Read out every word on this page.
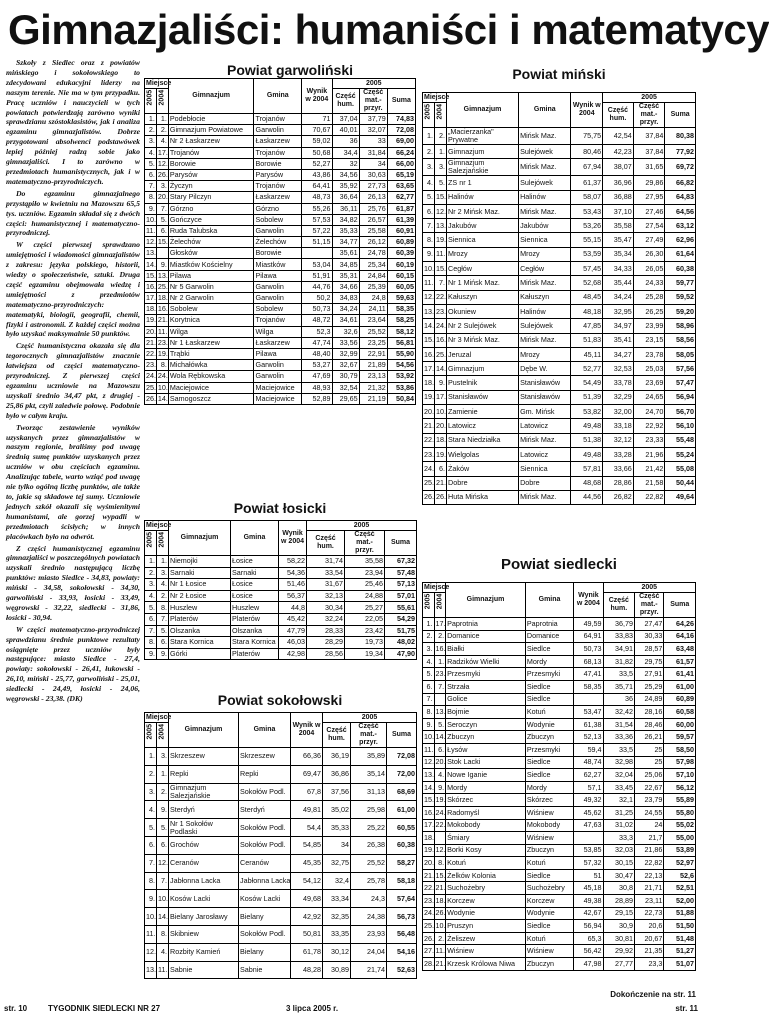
Gimnazjaliści: humaniści i matematycy

Szkoły z Siedlec oraz z powiatów mińskiego i sokołowskiego to zdecydowani edukacyjni liderzy na naszym terenie. Nie ma w tym przypadku. Pracę uczniów i nauczycieli w tych powiatach potwierdzają zarówno wyniki sprawdzianu szóstoklasistów, jak i analiza egzaminu gimnazjalistów. Dobrze przygotowani absolwenci podstawówek lepiej później radzą sobie jako gimnazjaliści. I to zarówno w przedmiotach humanistycznych, jak i w matematyczno-przyrodniczych.

Do egzaminu gimnazjalnego przystąpiło w kwietniu na Mazowszu 65,5 tys. uczniów. Egzamin składał się z dwóch części: humanistycznej i matematyczno-przyrodniczej.

W części pierwszej sprawdzano umiejętności i wiadomości gimnazjalistów z zakresu: języka polskiego, historii, wiedzy o społeczeństwie, sztuki. Druga część egzaminu obejmowała wiedzę i umiejętności z przedmiotów matematyczno-przyrodniczych: matematyki, biologii, geografii, chemii, fizyki i astronomii. Z każdej części można było uzyskać maksymalnie 50 punktów.

Część humanistyczna okazała się dla tegorocznych gimnazjalistów znacznie łatwiejsza od części matematyczno-przyrodniczej. Z pierwszej części egzaminu uczniowie na Mazowszu uzyskali średnio 34,47 pkt, z drugiej - 25,86 pkt, czyli zaledwie połowę. Podobnie było w całym kraju.

Tworząc zestawienie wyników uzyskanych przez gimnazjalistów w naszym regionie, braliśmy pod uwagę średnią sumę punktów uzyskanych przez uczniów w obu częściach egzaminu. Analizując tabele, warto wziąć pod uwagę nie tylko ogólną liczbę punktów, ale także to, jakie są składowe tej sumy. Uczniowie jednych szkół okazali się wyśmienitymi humanistami, ale gorzej wypadli w przedmiotach ścisłych; w innych placówkach było na odwrót.

Z części humanistycznej egzaminu gimnazjaliści w poszczególnych powiatach uzyskali średnio następującą liczbę punktów: miasto Siedlce - 34,83, powiaty: miński - 34,58, sokołowski - 34,30, garwoliński - 33,93, łosicki - 33,49, węgrowski - 32,22, siedlecki - 31,86, łosicki - 30,94.

W części matematyczno-przyrodniczej sprawdzianu średnie punktowe rezultaty osiągnięte przez uczniów były następujące: miasto Siedlce - 27,4, powiaty: sokołowski - 26,41, łukowski - 26,10, miński - 25,77, garwoliński - 25,01, siedlecki - 24,49, łosicki - 24,06, węgrowski - 23,38. (DK)

Powiat garwoliński
Miejsce		Gimnazjum	Gmina	Wynik w 2004	2005		

2005	2004				Część hum.	Część mat.- przyr.	Suma

1.	1.	Podebłocie	Trojanów	71	37,04	37,79	74,83
2.	2.	Gimnazjum Powiatowe	Garwolin	70,67	40,01	32,07	72,08
3.	4.	Nr 2 Łaskarzew	Łaskarzew	59,02	36	33	69,00
4.	17.	Trojanów	Trojanów	50,68	34,4	31,84	66,24
5.	12.	Borowie	Borowie	52,27	32	34	66,00
6.	26.	Parysów	Parysów	43,86	34,56	30,63	65,19
7.	3.	Życzyn	Trojanów	64,41	35,92	27,73	63,65
8.	20.	Stary Pilczyn	Łaskarzew	48,73	36,64	26,13	62,77
9.	7.	Górzno	Górzno	55,26	36,11	25,76	61,87
10.	5.	Gończyce	Sobolew	57,53	34,82	26,57	61,39
11.	6.	Ruda Talubska	Garwolin	57,22	35,33	25,58	60,91
12.	15.	Żelechów	Żelechów	51,15	34,77	26,12	60,89
13.		Głosków	Borowie		35,61	24,78	60,39
14.	9.	Miastków Kościelny	Miastków	53,04	34,85	25,34	60,19
15.	13.	Pilawa	Pilawa	51,91	35,31	24,84	60,15
16.	25.	Nr 5 Garwolin	Garwolin	44,76	34,66	25,39	60,05
17.	18.	Nr 2 Garwolin	Garwolin	50,2	34,83	24,8	59,63
18.	16.	Sobolew	Sobolew	50,73	34,24	24,11	58,35
19.	21.	Korytnica	Trojanów	48,72	34,61	23,64	58,25
20.	11.	Wilga	Wilga	52,3	32,6	25,52	58,12
21.	23.	Nr 1 Łaskarzew	Łaskarzew	47,74	33,56	23,25	56,81
22.	19.	Trąbki	Pilawa	48,40	32,99	22,91	55,90
23.	8.	Michałówka	Garwolin	53,27	32,67	21,89	54,56
24.	24.	Wola Rębkowska	Garwolin	47,69	30,79	23,13	53,92
25.	10.	Maciejowice	Maciejowice	48,93	32,54	21,32	53,86
26.	14.	Samogoszcz	Maciejowice	52,89	29,65	21,19	50,84
Powiat miński
Miejsce		Gimnazjum	Gmina	Wynik w 2004	2005		

2005	2004				Część hum.	Część mat.- przyr.	Suma

1.	2.	„Macierzanka" Prywatne	Mińsk Maz.	75,75	42,54	37,84	80,38
2.	1.	Gimnazjum	Sulejówek	80,46	42,23	37,84	77,92
3.	3.	Gimnazjum Salezjańskie	Mińsk Maz.	67,94	38,07	31,65	69,72
4.	5.	ZS nr 1	Sulejówek	61,37	36,96	29,86	66,82
5.	15.	Halinów	Halinów	58,07	36,88	27,95	64,83
6.	12.	Nr 2 Mińsk Maz.	Mińsk Maz.	53,43	37,10	27,46	64,56
7.	13.	Jakubów	Jakubów	53,26	35,58	27,54	63,12
8.	19.	Siennica	Siennica	55,15	35,47	27,49	62,96
9.	11.	Mrozy	Mrozy	53,59	35,34	26,30	61,64
10.	15.	Cegłów	Cegłów	57,45	34,33	26,05	60,38
11.	7.	Nr 1 Mińsk Maz.	Mińsk Maz.	52,68	35,44	24,33	59,77
12.	22.	Kałuszyn	Kałuszyn	48,45	34,24	25,28	59,52
13.	23.	Okuniew	Halinów	48,18	32,95	26,25	59,20
14.	24.	Nr 2 Sulejówek	Sulejówek	47,85	34,97	23,99	58,96
15.	16.	Nr 3 Mińsk Maz.	Mińsk Maz.	51,83	35,41	23,15	58,56
16.	25.	Jeruzal	Mrozy	45,11	34,27	23,78	58,05
17.	14.	Gimnazjum	Dębe W.	52,77	32,53	25,03	57,56
18.	9.	Pustelnik	Stanisławów	54,49	33,78	23,69	57,47
19.	17.	Stanisławów	Stanisławów	51,39	32,29	24,65	56,94
20.	10.	Zamienie	Gm. Mińsk	53,82	32,00	24,70	56,70
21.	20.	Latowicz	Latowicz	49,48	33,18	22,92	56,10
22.	18.	Stara Niedziałka	Mińsk Maz.	51,38	32,12	23,33	55,48
23.	19.	Wielgolas	Latowicz	49,48	33,28	21,96	55,24
24.	6.	Żaków	Siennica	57,81	33,66	21,42	55,08
25.	21.	Dobre	Dobre	48,68	28,86	21,58	50,44
26.	26.	Huta Mińska	Mińsk Maz.	44,56	26,82	22,82	49,64
Powiat łosicki
Miejsce		Gimnazjum	Gmina	Wynik w 2004	2005		

2005	2004				Część hum.	Część mat.- przyr.	Suma

1.	1.	Niemojki	Łosice	58,22	31,74	35,58	67,32
2.	3.	Sarnaki	Sarnaki	54,36	33,54	23,94	57,48
3.	4.	Nr 1 Łosice	Łosice	51,46	31,67	25,46	57,13
4.	2.	Nr 2 Łosice	Łosice	56,37	32,13	24,88	57,01
5.	8.	Huszlew	Huszlew	44,8	30,34	25,27	55,61
6.	7.	Platerów	Platerów	45,42	32,24	22,05	54,29
7.	5.	Olszanka	Olszanka	47,79	28,33	23,42	51,75
8.	6.	Stara Kornica	Stara Kornica	46,03	28,29	19,73	48,02
9.	9.	Górki	Platerów	42,98	28,56	19,34	47,90
Powiat sokołowski
Miejsce		Gimnazjum	Gmina	Wynik w 2004	2005		

2005	2004				Część hum.	Część mat.- przyr.	Suma

1.	3.	Skrzeszew	Skrzeszew	66,36	36,19	35,89	72,08
2.	1.	Repki	Repki	69,47	36,86	35,14	72,00
3.	2.	Gimnazjum Salezjańskie	Sokołów Podl.	67,8	37,56	31,13	68,69
4.	9.	Sterdyń	Sterdyń	49,81	35,02	25,98	61,00
5.	5.	Nr 1 Sokołów Podlaski	Sokołów Podl.	54,4	35,33	25,22	60,55
6.	6.	Grochów	Sokołów Podl.	54,85	34	26,38	60,38
7.	12.	Ceranów	Ceranów	45,35	32,75	25,52	58,27
8.	7.	Jabłonna Lacka	Jabłonna Lacka	54,12	32,4	25,78	58,18
9.	10.	Kosów Lacki	Kosów Lacki	49,68	33,34	24,3	57,64
10.	14.	Bielany Jarosławy	Bielany	42,92	32,35	24,38	56,73
11.	8.	Skibniew	Sokołów Podl.	50,81	33,35	23,93	56,48
12.	4.	Rozbity Kamień	Bielany	61,78	30,12	24,04	54,16
13.	11.	Sabnie	Sabnie	48,28	30,89	21,74	52,63
Powiat siedlecki
Miejsce		Gimnazjum	Gmina	Wynik w 2004	2005		

2005	2004				Część hum.	Część mat.- przyr.	Suma

1.	17.	Paprotnia	Paprotnia	49,59	36,79	27,47	64,26
2.	2.	Domanice	Domanice	64,91	33,83	30,33	64,16
3.	16.	Białki	Siedlce	50,73	34,91	28,57	63,48
4.	1.	Radzików Wielki	Mordy	68,13	31,82	29,75	61,57
5.	23.	Przesmyki	Przesmyki	47,41	33,5	27,91	61,41
6.	7.	Strzała	Siedlce	58,35	35,71	25,29	61,00
7.		Golice	Siedlce		36	24,89	60,89
8.	13.	Bojmie	Kotuń	53,47	32,42	28,16	60,58
9.	5.	Seroczyn	Wodynie	61,38	31,54	28,46	60,00
10.	14.	Zbuczyn	Zbuczyn	52,13	33,36	26,21	59,57
11.	6.	Łysów	Przesmyki	59,4	33,5	25	58,50
12.	20.	Stok Lacki	Siedlce	48,74	32,98	25	57,98
13.	4.	Nowe Iganie	Siedlce	62,27	32,04	25,06	57,10
14.	9.	Mordy	Mordy	57,1	33,45	22,67	56,12
15.	19.	Skórzec	Skórzec	49,32	32,1	23,79	55,89
16.	24.	Radomyśl	Wiśniew	45,62	31,25	24,55	55,80
17.	22.	Mokobody	Mokobody	47,63	31,02	24	55,02
18.		Śmiary	Wiśniew		33,3	21,7	55,00
19.	12.	Borki Kosy	Zbuczyn	53,85	32,03	21,86	53,89
20.	8.	Kotuń	Kotuń	57,32	30,15	22,82	52,97
21.	15.	Żelków Kolonia	Siedlce	51	30,47	22,13	52,6
22.	21.	Suchożebry	Suchożebry	45,18	30,8	21,71	52,51
23.	18.	Korczew	Korczew	49,38	28,89	23,11	52,00
24.	26.	Wodynie	Wodynie	42,67	29,15	22,73	51,88
25.	10.	Pruszyn	Siedlce	56,94	30,9	20,6	51,50
26.	2.	Żeliszew	Kotuń	65,3	30,81	20,67	51,48
27.	11.	Wiśniew	Wiśniew	56,42	29,92	21,35	51,27
28.	21.	Krzesk Królowa Niwa	Zbuczyn	47,98	27,77	23,3	51,07
Dokończenie na str. 11
str. 10	TYGODNIK SIEDLECKI NR 27	3 lipca 2005 r.	str. 11
